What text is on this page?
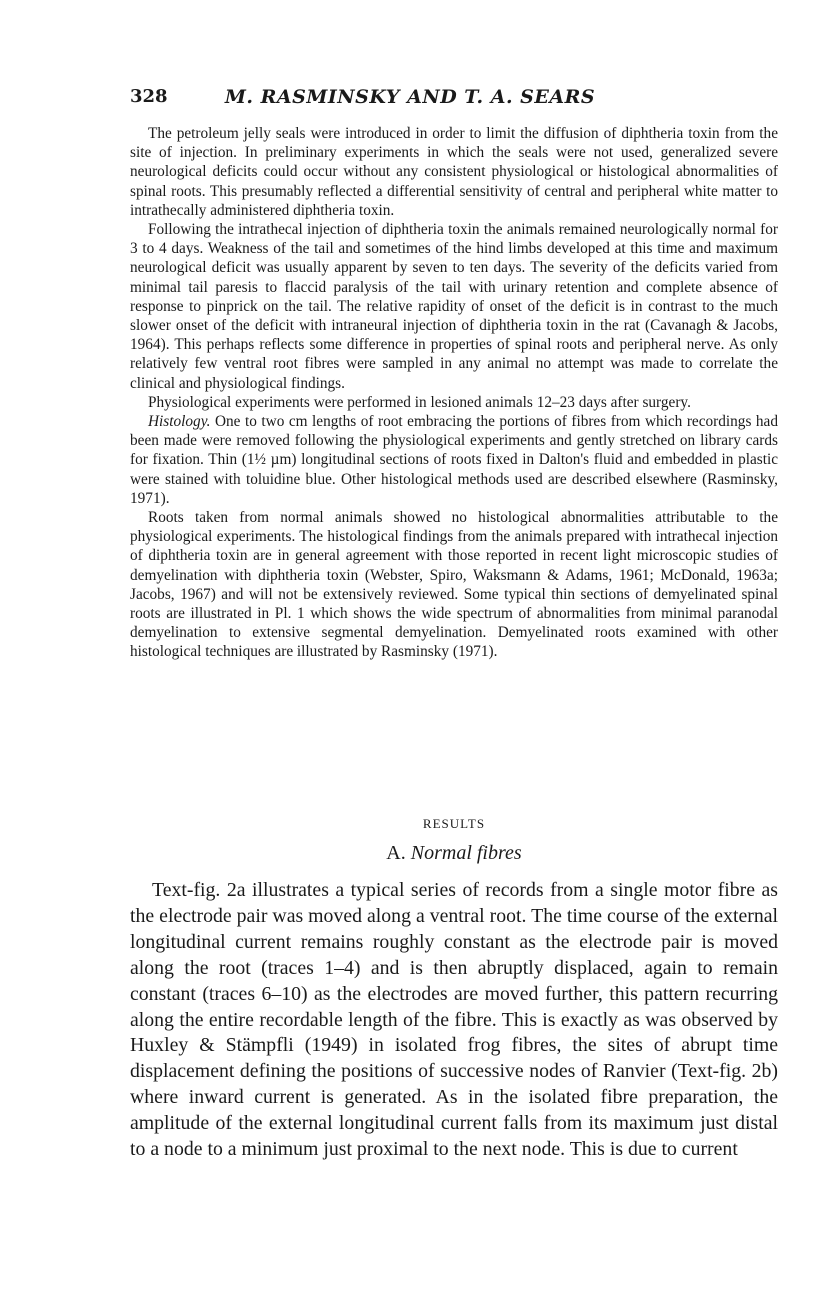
328	M. RASMINSKY AND T. A. SEARS

The petroleum jelly seals were introduced in order to limit the diffusion of diphtheria toxin from the site of injection. In preliminary experiments in which the seals were not used, generalized severe neurological deficits could occur without any consistent physiological or histological abnormalities of spinal roots. This presumably reflected a differential sensitivity of central and peripheral white matter to intrathecally administered diphtheria toxin.

Following the intrathecal injection of diphtheria toxin the animals remained neurologically normal for 3 to 4 days. Weakness of the tail and sometimes of the hind limbs developed at this time and maximum neurological deficit was usually apparent by seven to ten days. The severity of the deficits varied from minimal tail paresis to flaccid paralysis of the tail with urinary retention and complete absence of response to pinprick on the tail. The relative rapidity of onset of the deficit is in contrast to the much slower onset of the deficit with intraneural injection of diphtheria toxin in the rat (Cavanagh & Jacobs, 1964). This perhaps reflects some difference in properties of spinal roots and peripheral nerve. As only relatively few ventral root fibres were sampled in any animal no attempt was made to correlate the clinical and physiological findings.

Physiological experiments were performed in lesioned animals 12–23 days after surgery.

Histology. One to two cm lengths of root embracing the portions of fibres from which recordings had been made were removed following the physiological experiments and gently stretched on library cards for fixation. Thin (1½ µm) longitudinal sections of roots fixed in Dalton's fluid and embedded in plastic were stained with toluidine blue. Other histological methods used are described elsewhere (Rasminsky, 1971).

Roots taken from normal animals showed no histological abnormalities attributable to the physiological experiments. The histological findings from the animals prepared with intrathecal injection of diphtheria toxin are in general agreement with those reported in recent light microscopic studies of demyelination with diphtheria toxin (Webster, Spiro, Waksmann & Adams, 1961; McDonald, 1963a; Jacobs, 1967) and will not be extensively reviewed. Some typical thin sections of demyelinated spinal roots are illustrated in Pl. 1 which shows the wide spectrum of abnormalities from minimal paranodal demyelination to extensive segmental demyelination. Demyelinated roots examined with other histological techniques are illustrated by Rasminsky (1971).

RESULTS
A. Normal fibres

Text-fig. 2a illustrates a typical series of records from a single motor fibre as the electrode pair was moved along a ventral root. The time course of the external longitudinal current remains roughly constant as the electrode pair is moved along the root (traces 1–4) and is then abruptly displaced, again to remain constant (traces 6–10) as the electrodes are moved further, this pattern recurring along the entire recordable length of the fibre. This is exactly as was observed by Huxley & Stämpfli (1949) in isolated frog fibres, the sites of abrupt time displacement defining the positions of successive nodes of Ranvier (Text-fig. 2b) where inward current is generated. As in the isolated fibre preparation, the amplitude of the external longitudinal current falls from its maximum just distal to a node to a minimum just proximal to the next node. This is due to current
